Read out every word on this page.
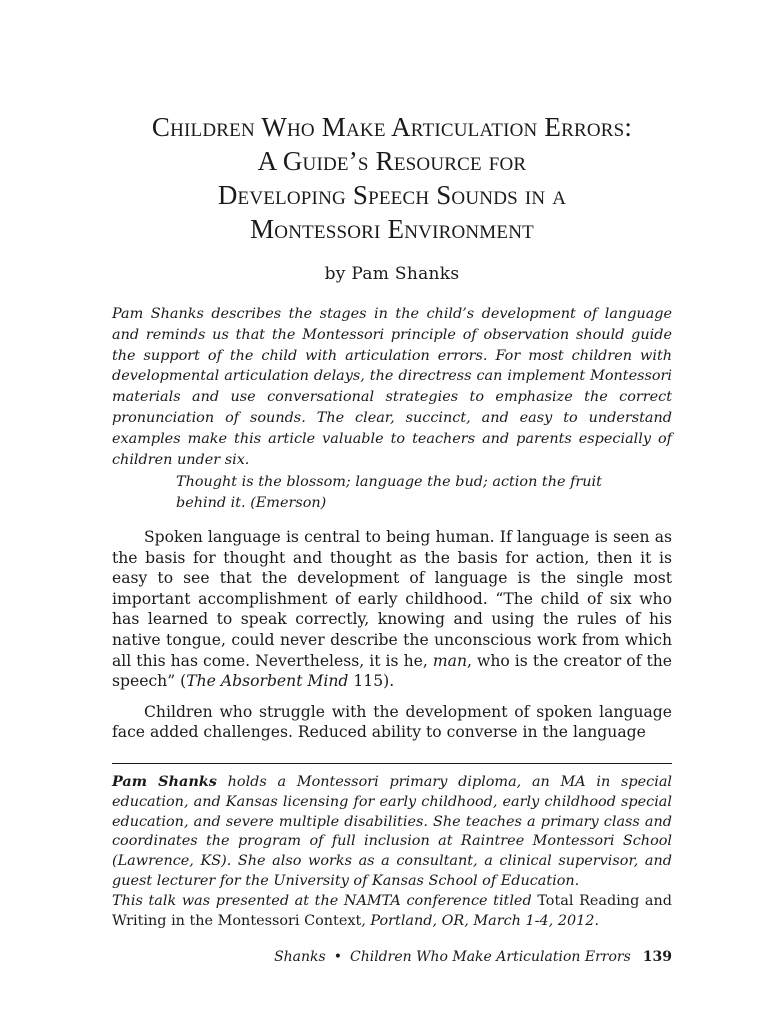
Children Who Make Articulation Errors:
A Guide’s Resource for
Developing Speech Sounds in a
Montessori Environment
by Pam Shanks

Pam Shanks describes the stages in the child’s development of language and reminds us that the Montessori principle of observation should guide the support of the child with articulation errors. For most children with developmental articulation delays, the directress can implement Montessori materials and use conversational strategies to emphasize the correct pronunciation of sounds. The clear, succinct, and easy to understand examples make this article valuable to teachers and parents especially of children under six.

Thought is the blossom; language the bud; action the fruit behind it. (Emerson)

Spoken language is central to being human. If language is seen as the basis for thought and thought as the basis for action, then it is easy to see that the development of language is the single most important accomplishment of early childhood. “The child of six who has learned to speak correctly, knowing and using the rules of his native tongue, could never describe the unconscious work from which all this has come. Nevertheless, it is he, man, who is the creator of the speech” (The Absorbent Mind 115).

Children who struggle with the development of spoken language face added challenges. Reduced ability to converse in the language

Pam Shanks holds a Montessori primary diploma, an MA in special education, and Kansas licensing for early childhood, early childhood special education, and severe multiple disabilities. She teaches a primary class and coordinates the program of full inclusion at Raintree Montessori School (Lawrence, KS). She also works as a consultant, a clinical supervisor, and guest lecturer for the University of Kansas School of Education.

This talk was presented at the NAMTA conference titled Total Reading and Writing in the Montessori Context, Portland, OR, March 1-4, 2012.

Shanks • Children Who Make Articulation Errors 139
